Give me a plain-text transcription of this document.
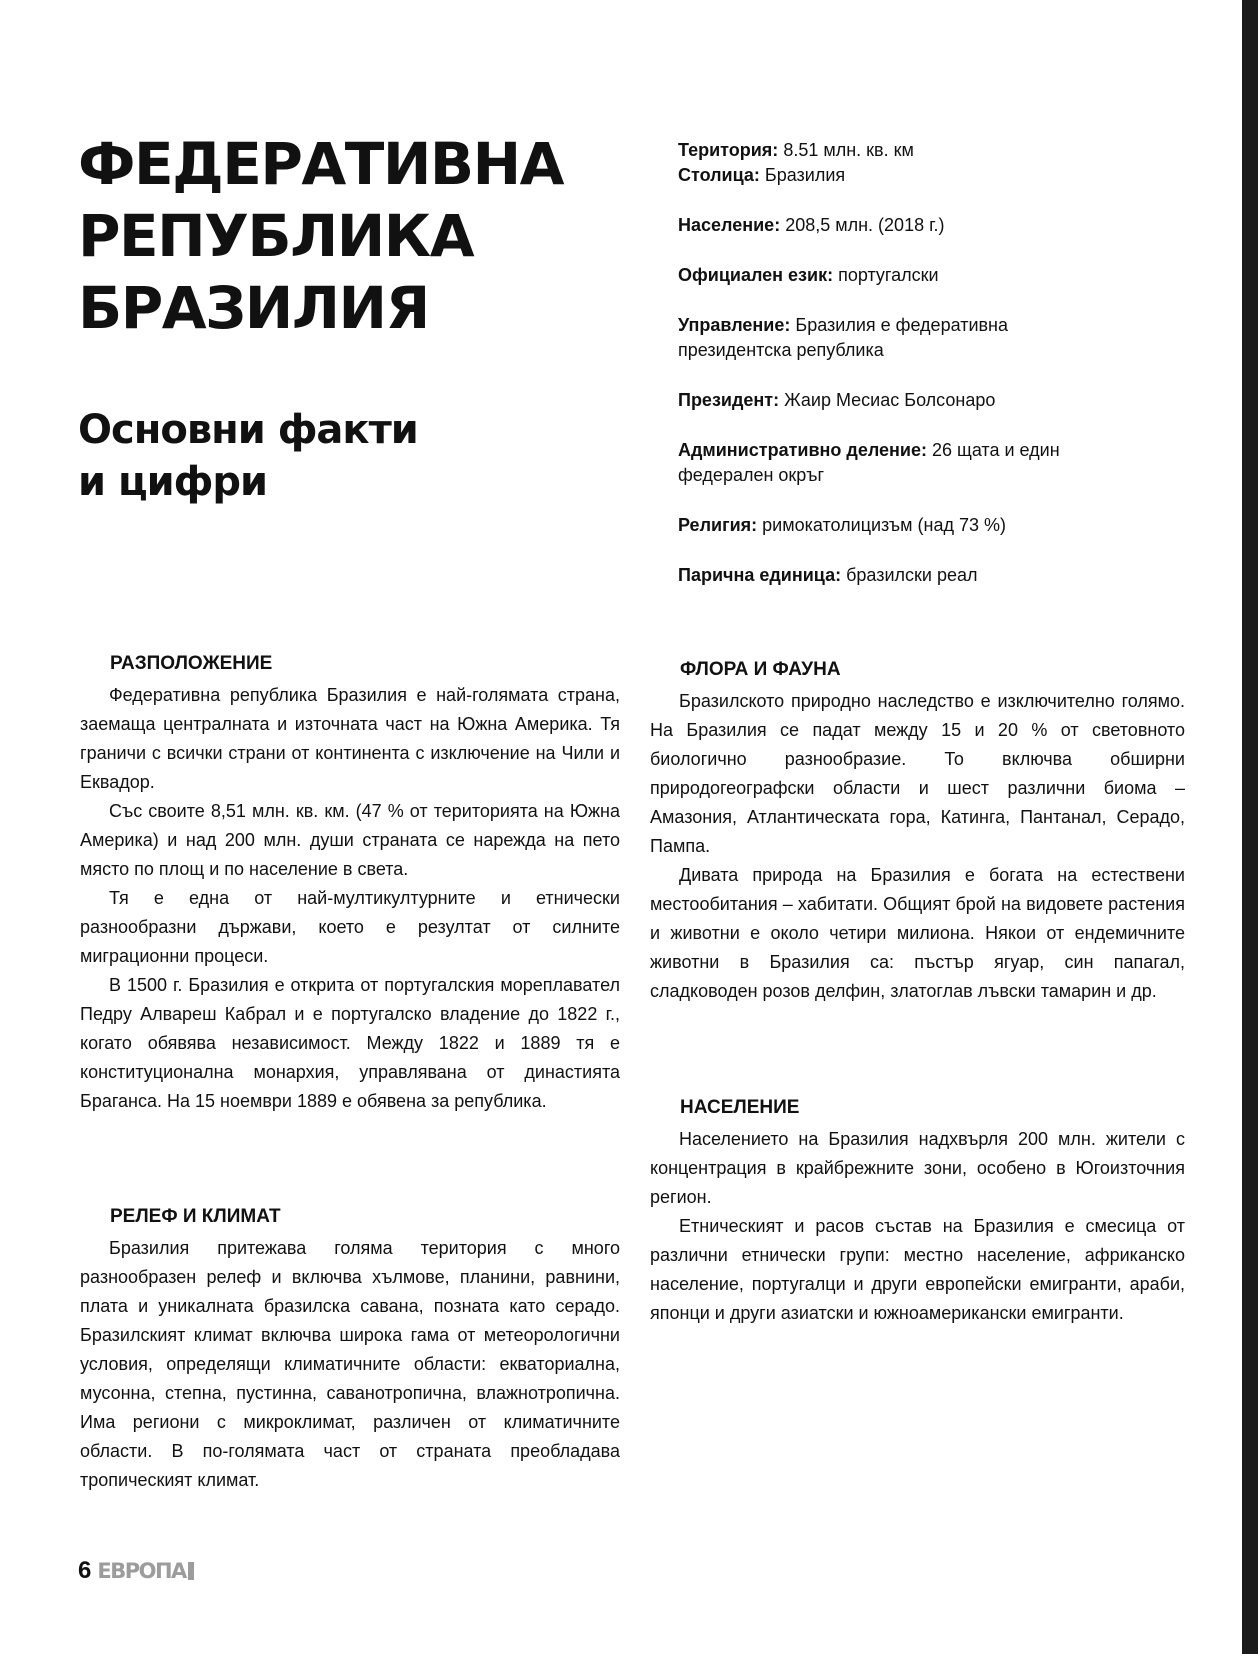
ФЕДЕРАТИВНА
РЕПУБЛИКА
БРАЗИЛИЯ
Основни факти
и цифри

Територия: 8.51 млн. кв. км

Столица: Бразилия

Население: 208,5 млн. (2018 г.)

Официален език: португалски

Управление: Бразилия е федеративна президентска република

Президент: Жаир Месиас Болсонаро

Административно деление: 26 щата и един федерален окръг

Религия: римокатолицизъм (над 73 %)

Парична единица: бразилски реал

РАЗПОЛОЖЕНИЕ

Федеративна република Бразилия е най-голямата страна, заемаща централната и източната част на Южна Америка. Тя граничи с всички страни от континента с изключение на Чили и Еквадор.

Със своите 8,51 млн. кв. км. (47 % от територията на Южна Америка) и над 200 млн. души страната се нарежда на пето място по площ и по население в света.

Тя е една от най-мултикултурните и етнически разнообразни държави, което е резултат от силните миграционни процеси.

В 1500 г. Бразилия е открита от португалския мореплавател Педру Алвареш Кабрал и е португалско владение до 1822 г., когато обявява независимост. Между 1822 и 1889 тя е конституционална монархия, управлявана от династията Браганса. На 15 ноември 1889 е обявена за република.

РЕЛЕФ И КЛИМАТ

Бразилия притежава голяма територия с много разнообразен релеф и включва хълмове, планини, равнини, плата и уникалната бразилска савана, позната като серадо. Бразилският климат включва широка гама от метеорологични условия, определящи климатичните области: екваториална, мусонна, степна, пустинна, саванотропична, влажнотропична. Има региони с микроклимат, различен от климатичните области. В по-голямата част от страната преобладава тропическият климат.

ФЛОРА И ФАУНА

Бразилското природно наследство е изключително голямо. На Бразилия се падат между 15 и 20 % от световното биологично разнообразие. То включва обширни природогеографски области и шест различни биома – Амазония, Атлантическата гора, Катинга, Пантанал, Серадо, Пампа.

Дивата природа на Бразилия е богата на естествени местообитания – хабитати. Общият брой на видовете растения и животни е около четири милиона. Някои от ендемичните животни в Бразилия са: пъстър ягуар, син папагал, сладководен розов делфин, златоглав лъвски тамарин и др.

НАСЕЛЕНИЕ

Населението на Бразилия надхвърля 200 млн. жители с концентрация в крайбрежните зони, особено в Югоизточния регион.

Етническият и расов състав на Бразилия е смесица от различни етнически групи: местно население, африканско население, португалци и други европейски емигранти, араби, японци и други азиатски и южноамерикански емигранти.

6 ЕВРОПА
